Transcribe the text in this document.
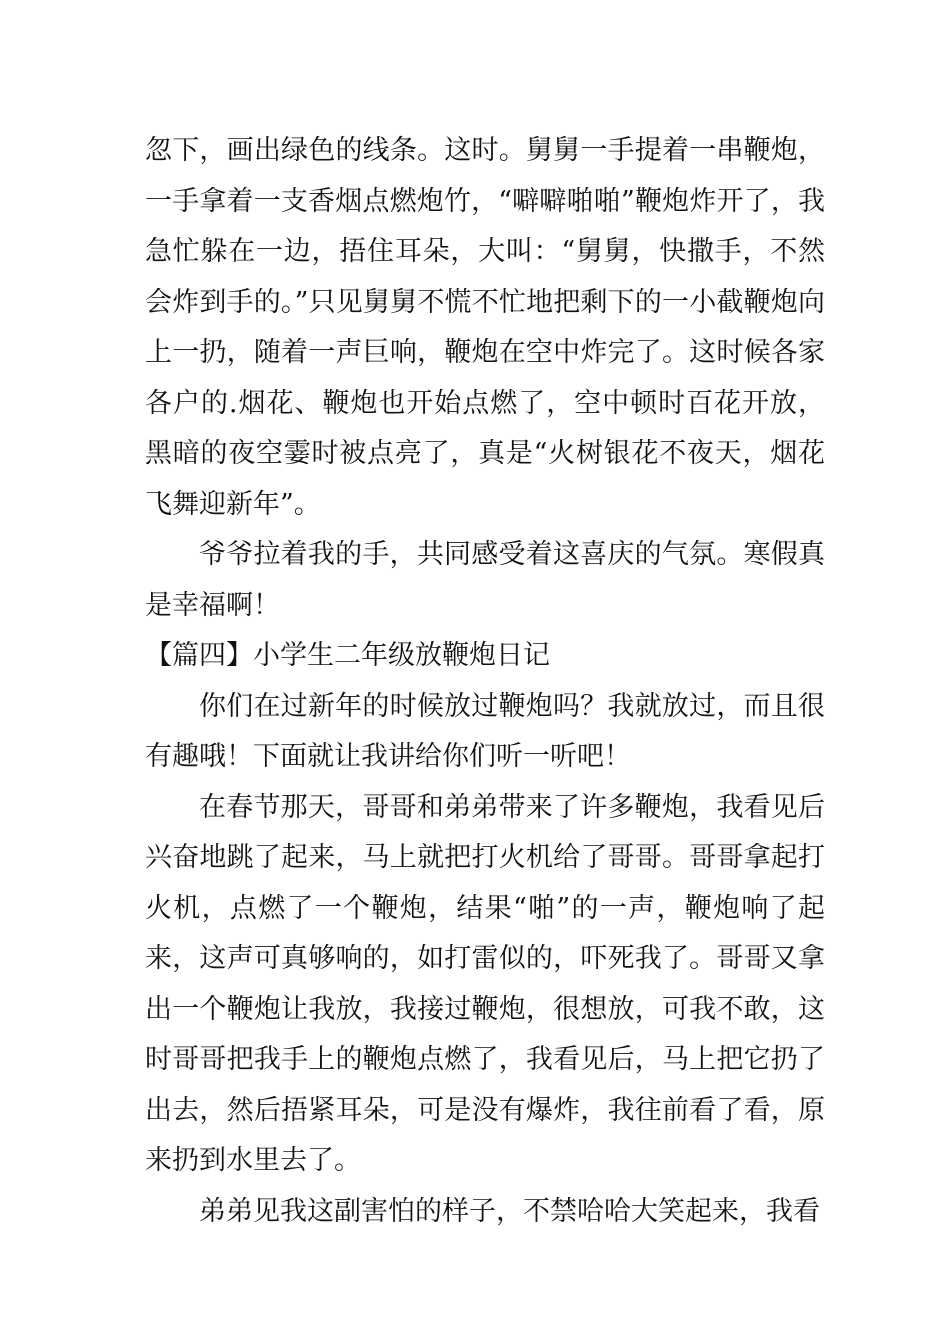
忽下，画出绿色的线条。这时。舅舅一手提着一串鞭炮，一手拿着一支香烟点燃炮竹，“噼噼啪啪”鞭炮炸开了，我急忙躲在一边，捂住耳朵，大叫：“舅舅，快撒手，不然会炸到手的。”只见舅舅不慌不忙地把剩下的一小截鞭炮向上一扔，随着一声巨响，鞭炮在空中炸完了。这时候各家各户的.烟花、鞭炮也开始点燃了，空中顿时百花开放，黑暗的夜空霎时被点亮了，真是“火树银花不夜天，烟花飞舞迎新年”。

爷爷拉着我的手，共同感受着这喜庆的气氛。寒假真是幸福啊！

【篇四】小学生二年级放鞭炮日记

你们在过新年的时候放过鞭炮吗？我就放过，而且很有趣哦！下面就让我讲给你们听一听吧！

在春节那天，哥哥和弟弟带来了许多鞭炮，我看见后兴奋地跳了起来，马上就把打火机给了哥哥。哥哥拿起打火机，点燃了一个鞭炮，结果“啪”的一声，鞭炮响了起来，这声可真够响的，如打雷似的，吓死我了。哥哥又拿出一个鞭炮让我放，我接过鞭炮，很想放，可我不敢，这时哥哥把我手上的鞭炮点燃了，我看见后，马上把它扔了出去，然后捂紧耳朵，可是没有爆炸，我往前看了看，原来扔到水里去了。

弟弟见我这副害怕的样子，不禁哈哈大笑起来，我看
